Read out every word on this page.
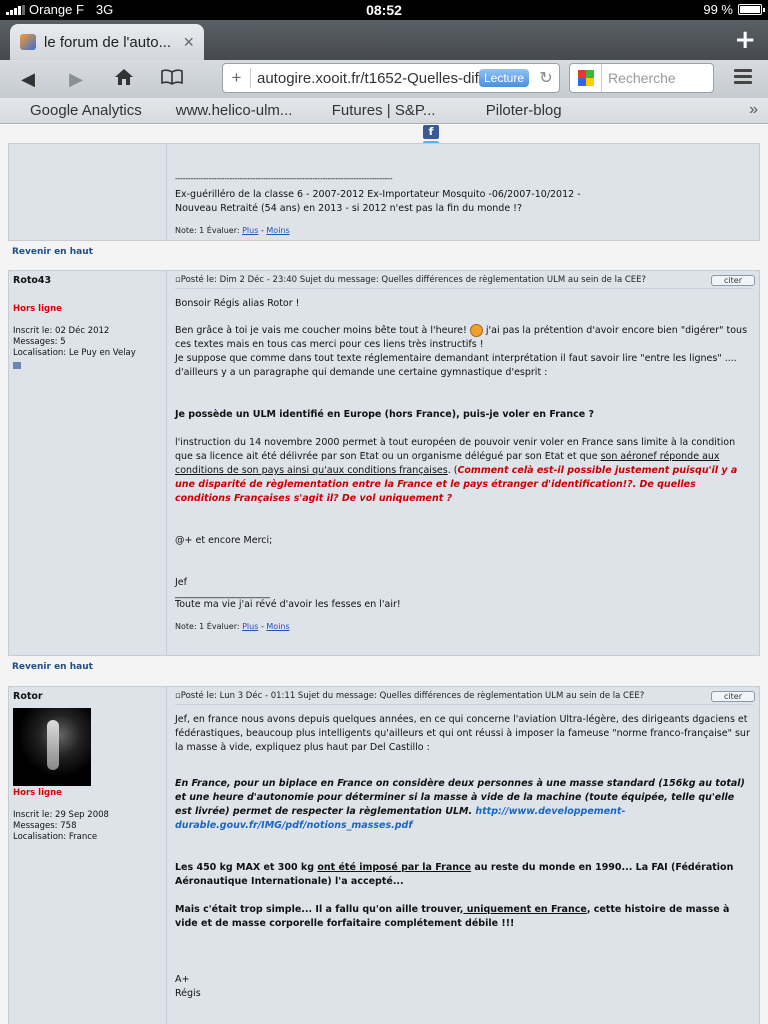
Orange F 3G	08:52	99 %
le forum de l'auto... ×	+
◀	▶	+	autogire.xooit.fr/t1652-Quelles-dif Lecture ↻	Recherche
Google Analytics	www.helico-ulm...	Futures | S&P...	Piloter-blog	»
f
------------------------------------------------------------------------------------
Ex-guérilléro de la classe 6 - 2007-2012 Ex-Importateur Mosquito -06/2007-10/2012 -
Nouveau Retraité (54 ans) en 2013 - si 2012 n'est pas la fin du monde !?
Note: 1 Évaluer: Plus - Moins
Revenir en haut
Roto43
Hors ligne
Inscrit le: 02 Déc 2012
Messages: 5
Localisation: Le Puy en Velay
▫Posté le: Dim 2 Déc - 23:40 Sujet du message: Quelles différences de règlementation ULM au sein de la CEE?	citer

Bonsoir Régis alias Rotor !

Ben grâce à toi je vais me coucher moins bête tout à l'heure!  j'ai pas la prétention d'avoir encore bien "digérer" tous ces textes mais en tous cas merci pour ces liens très instructifs !

Je suppose que comme dans tout texte réglementaire demandant interprétation il faut savoir lire "entre les lignes" .... d'ailleurs y a un paragraphe qui demande une certaine gymnastique d'esprit :

Je possède un ULM identifié en Europe (hors France), puis-je voler en France ?

l'instruction du 14 novembre 2000 permet à tout européen de pouvoir venir voler en France sans limite à la condition que sa licence ait été délivrée par son Etat ou un organisme délégué par son Etat et que son aéronef réponde aux conditions de son pays ainsi qu'aux conditions françaises. (Comment celà est-il possible justement puisqu'il y a une disparité de règlementation entre la France et le pays étranger d'identification!?. De quelles conditions Françaises s'agit il? De vol uniquement ?

@+ et encore Merci;

Jef

____________________

Toute ma vie j'ai révé d'avoir les fesses en l'air!

Note: 1 Évaluer: Plus - Moins
Revenir en haut
Rotor
Hors ligne
Inscrit le: 29 Sep 2008
Messages: 758
Localisation: France
▫Posté le: Lun 3 Déc - 01:11 Sujet du message: Quelles différences de règlementation ULM au sein de la CEE?	citer

Jef, en france nous avons depuis quelques années, en ce qui concerne l'aviation Ultra-légère, des dirigeants dgaciens et fédérastiques, beaucoup plus intelligents qu'ailleurs et qui ont réussi à imposer la fameuse "norme franco-française" sur la masse à vide, expliquez plus haut par Del Castillo :

En France, pour un biplace en France on considère deux personnes à une masse standard (156kg au total) et une heure d'autonomie pour déterminer si la masse à vide de la machine (toute équipée, telle qu'elle est livrée) permet de respecter la règlementation ULM. http://www.developpement-durable.gouv.fr/IMG/pdf/notions_masses.pdf

Les 450 kg MAX et 300 kg ont été imposé par la France au reste du monde en 1990... La FAI (Fédération Aéronautique Internationale) l'a accepté...

Mais c'était trop simple... Il a fallu qu'on aille trouver, uniquement en France, cette histoire de masse à vide et de masse corporelle forfaitaire complétement débile !!!

A+

Régis
